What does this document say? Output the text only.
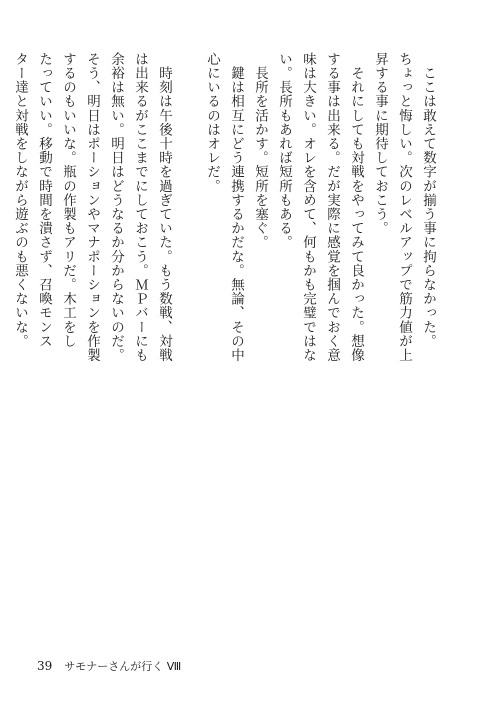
　ここは敢えて数字が揃う事に拘らなかった。
ちょっと悔しい。次のレベルアップで筋力値が上
昇する事に期待しておこう。
　それにしても対戦をやってみて良かった。想像
する事は出来る。だが実際に感覚を掴んでおく意
味は大きい。オレを含めて、何もかも完璧ではな
い。長所もあれば短所もある。
　長所を活かす。短所を塞ぐ。
　鍵は相互にどう連携するかだな。無論、その中
心にいるのはオレだ。
　時刻は午後十時を過ぎていた。もう数戦、対戦
は出来るがここまでにしておこう。ＭＰバーにも
余裕は無い。明日はどうなるか分からないのだ。
そう、明日はポーションやマナポーションを作製
するのもいいな。瓶の作製もアリだ。木工をし
たっていい。移動で時間を潰さず、召喚モンス
ター達と対戦をしながら遊ぶのも悪くないな。
39 サモナーさんが行く Ⅷ
